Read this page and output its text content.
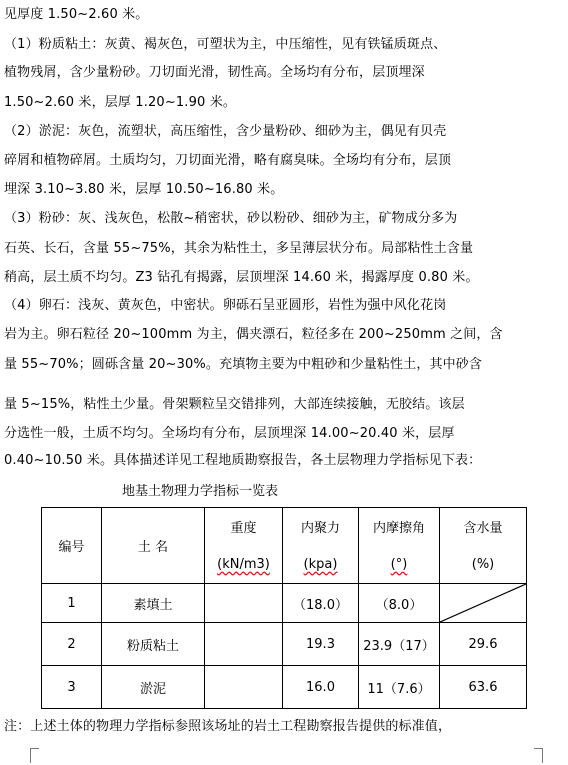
见厚度 1.50~2.60 米。
（1）粉质粘土：灰黄、褐灰色，可塑状为主，中压缩性，见有铁锰质斑点、
植物残屑，含少量粉砂。刀切面光滑，韧性高。全场均有分布，层顶埋深
1.50~2.60 米，层厚 1.20~1.90 米。
（2）淤泥：灰色，流塑状，高压缩性，含少量粉砂、细砂为主，偶见有贝壳
碎屑和植物碎屑。土质均匀，刀切面光滑，略有腐臭味。全场均有分布，层顶
埋深 3.10~3.80 米，层厚 10.50~16.80 米。
（3）粉砂：灰、浅灰色，松散~稍密状，砂以粉砂、细砂为主，矿物成分多为
石英、长石，含量 55~75%，其余为粘性土，多呈薄层状分布。局部粘性土含量
稍高，层土质不均匀。Z3 钻孔有揭露，层顶埋深 14.60 米，揭露厚度 0.80 米。
（4）卵石：浅灰、黄灰色，中密状。卵砾石呈亚圆形，岩性为强中风化花岗
岩为主。卵石粒径 20~100mm 为主，偶夹漂石，粒径多在 200~250mm 之间，含
量 55~70%；圆砾含量 20~30%。充填物主要为中粗砂和少量粘性土，其中砂含
量 5~15%，粘性土少量。骨架颗粒呈交错排列，大部连续接触，无胶结。该层
分选性一般，土质不均匀。全场均有分布，层顶埋深 14.00~20.40 米，层厚
0.40~10.50 米。具体描述详见工程地质勘察报告，各土层物理力学指标见下表：
地基土物理力学指标一览表
编号	土 名	重度	内聚力	内摩擦角	含水量
		(kN/m3)	(kpa)	(°)	(%)
1	素填土		（18.0）	（8.0）	

2	粉质粘土		19.3	23.9（17）	29.6
3	淤泥		16.0	11（7.6）	63.6
注：上述土体的物理力学指标参照该场址的岩土工程勘察报告提供的标准值，
